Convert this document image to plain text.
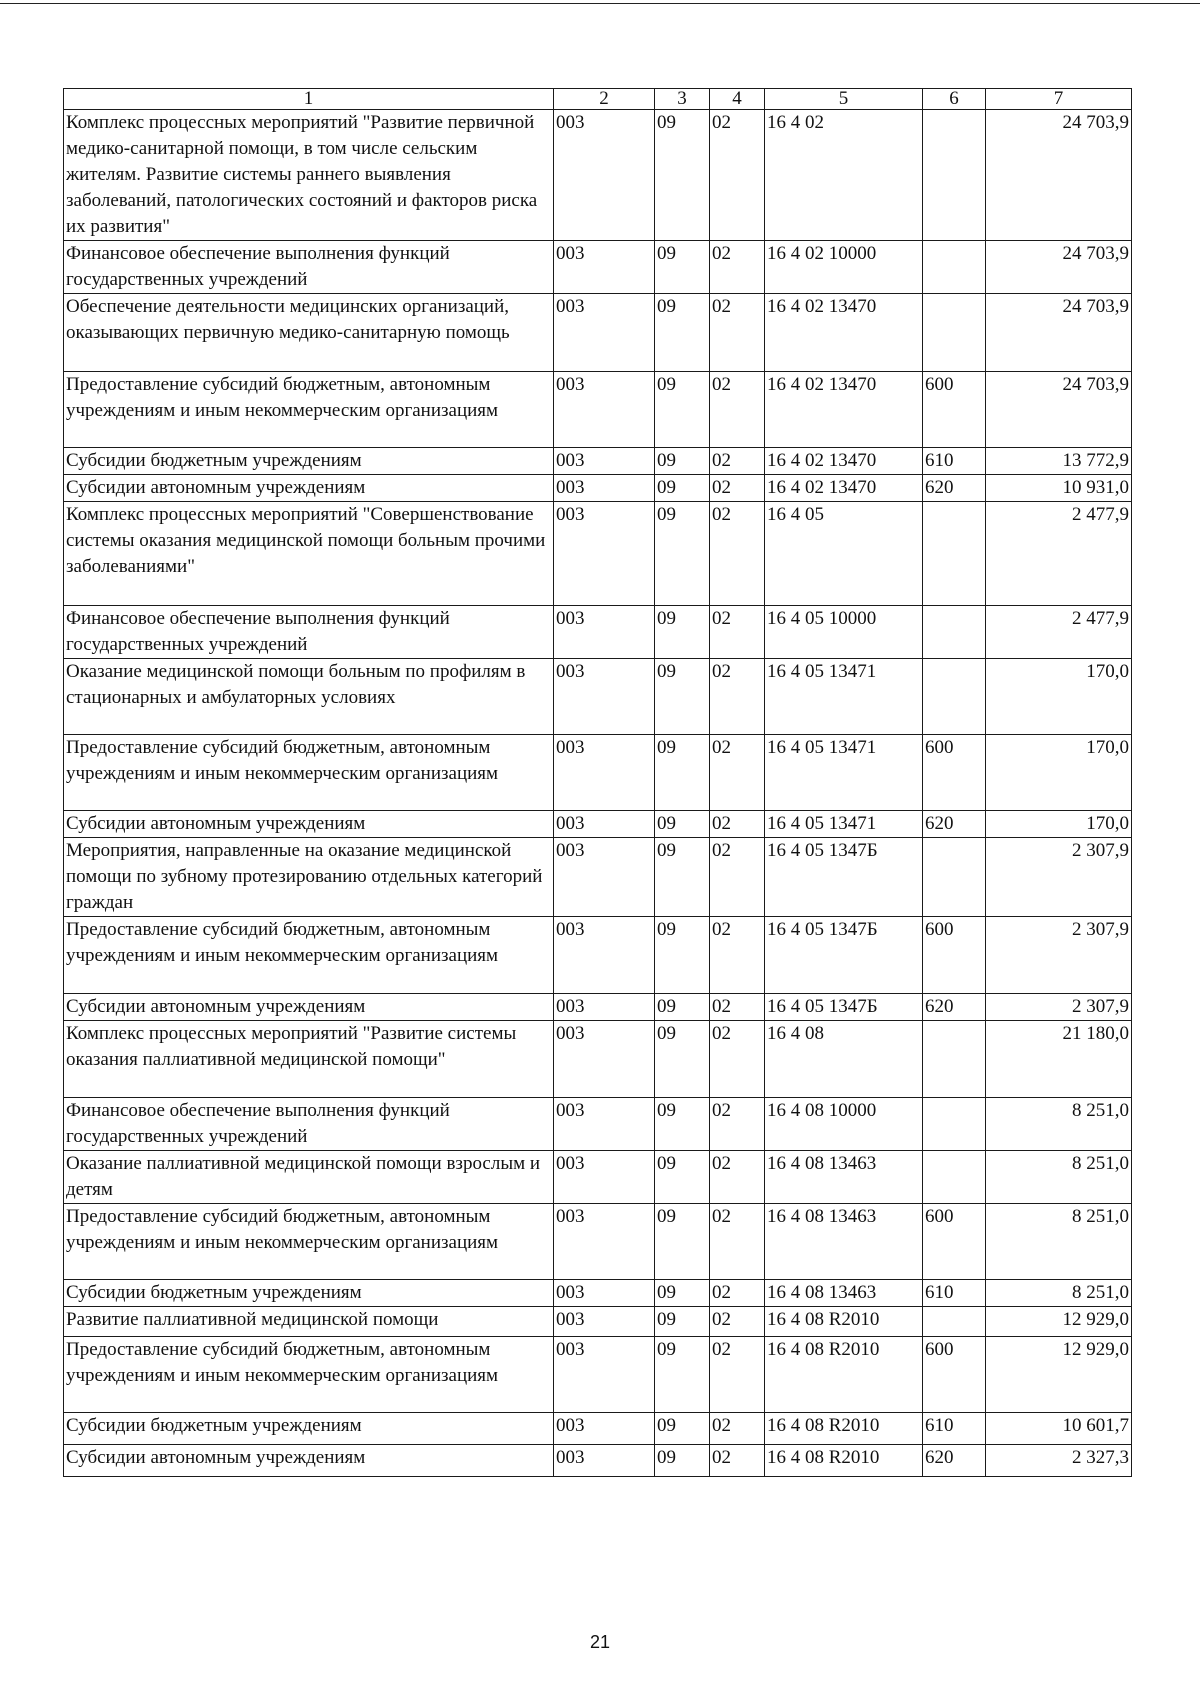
1	2	3	4	5	6	7
Комплекс процессных мероприятий "Развитие первичной медико-санитарной помощи, в том числе сельским жителям. Развитие системы раннего выявления заболеваний, патологических состояний и факторов риска их развития"	003	09	02	16 4 02		24 703,9
Финансовое обеспечение выполнения функций государственных учреждений	003	09	02	16 4 02 10000		24 703,9
Обеспечение деятельности медицинских организаций, оказывающих первичную медико-санитарную помощь	003	09	02	16 4 02 13470		24 703,9
Предоставление субсидий бюджетным, автономным учреждениям и иным некоммерческим организациям	003	09	02	16 4 02 13470	600	24 703,9
Субсидии бюджетным учреждениям	003	09	02	16 4 02 13470	610	13 772,9
Субсидии автономным учреждениям	003	09	02	16 4 02 13470	620	10 931,0
Комплекс процессных мероприятий "Совершенствование системы оказания медицинской помощи больным прочими заболеваниями"	003	09	02	16 4 05		2 477,9
Финансовое обеспечение выполнения функций государственных учреждений	003	09	02	16 4 05 10000		2 477,9
Оказание медицинской помощи больным по профилям в стационарных и амбулаторных условиях	003	09	02	16 4 05 13471		170,0
Предоставление субсидий бюджетным, автономным учреждениям и иным некоммерческим организациям	003	09	02	16 4 05 13471	600	170,0
Субсидии автономным учреждениям	003	09	02	16 4 05 13471	620	170,0
Мероприятия, направленные на оказание медицинской помощи по зубному протезированию отдельных категорий граждан	003	09	02	16 4 05 1347Б		2 307,9
Предоставление субсидий бюджетным, автономным учреждениям и иным некоммерческим организациям	003	09	02	16 4 05 1347Б	600	2 307,9
Субсидии автономным учреждениям	003	09	02	16 4 05 1347Б	620	2 307,9
Комплекс процессных мероприятий "Развитие системы оказания паллиативной медицинской помощи"	003	09	02	16 4 08		21 180,0
Финансовое обеспечение выполнения функций государственных учреждений	003	09	02	16 4 08 10000		8 251,0
Оказание паллиативной медицинской помощи взрослым и детям	003	09	02	16 4 08 13463		8 251,0
Предоставление субсидий бюджетным, автономным учреждениям и иным некоммерческим организациям	003	09	02	16 4 08 13463	600	8 251,0
Субсидии бюджетным учреждениям	003	09	02	16 4 08 13463	610	8 251,0
Развитие паллиативной медицинской помощи	003	09	02	16 4 08 R2010		12 929,0
Предоставление субсидий бюджетным, автономным учреждениям и иным некоммерческим организациям	003	09	02	16 4 08 R2010	600	12 929,0
Субсидии бюджетным учреждениям	003	09	02	16 4 08 R2010	610	10 601,7
Субсидии автономным учреждениям	003	09	02	16 4 08 R2010	620	2 327,3
21
